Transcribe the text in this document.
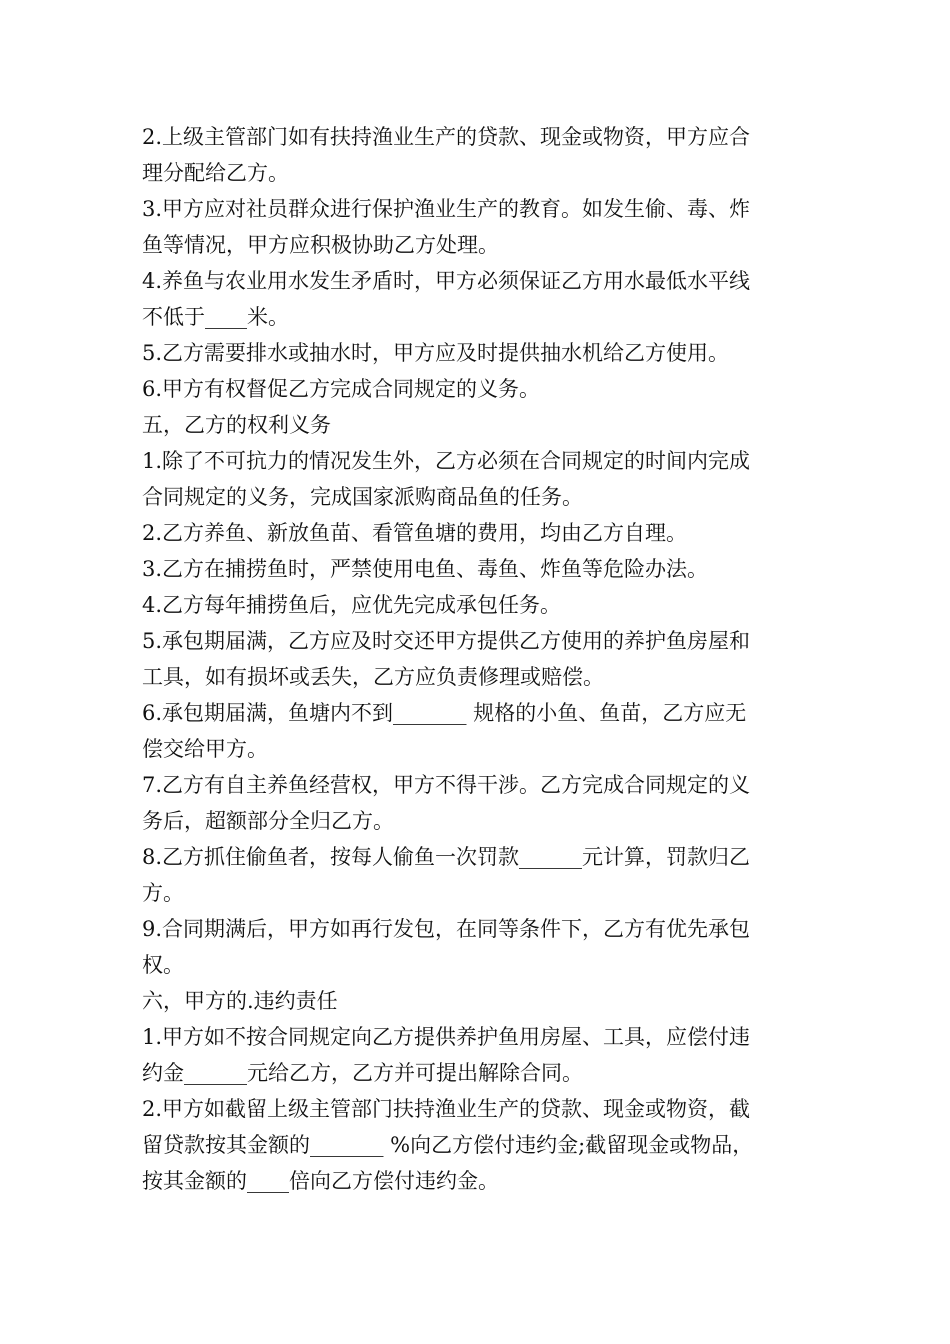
2.上级主管部门如有扶持渔业生产的贷款、现金或物资，甲方应合

理分配给乙方。

3.甲方应对社员群众进行保护渔业生产的教育。如发生偷、毒、炸

鱼等情况，甲方应积极协助乙方处理。

4.养鱼与农业用水发生矛盾时，甲方必须保证乙方用水最低水平线

不低于____米。

5.乙方需要排水或抽水时，甲方应及时提供抽水机给乙方使用。

6.甲方有权督促乙方完成合同规定的义务。

五，乙方的权利义务

1.除了不可抗力的情况发生外，乙方必须在合同规定的时间内完成

合同规定的义务，完成国家派购商品鱼的任务。

2.乙方养鱼、新放鱼苗、看管鱼塘的费用，均由乙方自理。

3.乙方在捕捞鱼时，严禁使用电鱼、毒鱼、炸鱼等危险办法。

4.乙方每年捕捞鱼后，应优先完成承包任务。

5.承包期届满，乙方应及时交还甲方提供乙方使用的养护鱼房屋和

工具，如有损坏或丢失，乙方应负责修理或赔偿。

6.承包期届满，鱼塘内不到_______ 规格的小鱼、鱼苗，乙方应无

偿交给甲方。

7.乙方有自主养鱼经营权，甲方不得干涉。乙方完成合同规定的义

务后，超额部分全归乙方。

8.乙方抓住偷鱼者，按每人偷鱼一次罚款______元计算，罚款归乙

方。

9.合同期满后，甲方如再行发包，在同等条件下，乙方有优先承包

权。

六，甲方的.违约责任

1.甲方如不按合同规定向乙方提供养护鱼用房屋、工具，应偿付违

约金______元给乙方，乙方并可提出解除合同。

2.甲方如截留上级主管部门扶持渔业生产的贷款、现金或物资，截

留贷款按其金额的_______ %向乙方偿付违约金;截留现金或物品，

按其金额的____倍向乙方偿付违约金。
